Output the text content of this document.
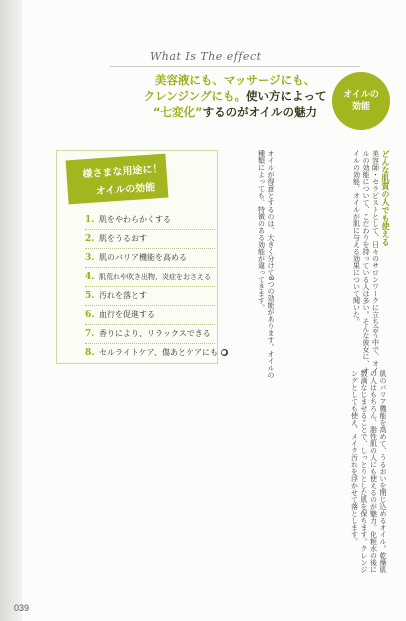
What Is The effect
美容液にも、マッサージにも、
クレンジングにも。使い方によって
“七変化”するのがオイルの魅力
オイルの
効能
どんな肌質の人でも使える
美容師・セラピストとして、日々のサロンワークに立ち会う中で、オイルの効能について、こだわりを持っている人は多い。そんな彼女に、オイルの効能、オイルが肌に与える効果について聞いた。
オイルが得意とするのは、大きく分けて8つの効能があります。オイルの種類によっても、特徴のある効能が違ってきます。
様さまな用途に！
オイルの効能
1. 肌をやわらかくする
2. 肌をうるおす
3. 肌のバリア機能を高める
4. 肌荒れや吹き出物、炎症をおさえる
5. 汚れを落とす
6. 血行を促進する
7. 香りにより、リラックスできる
8. セルライトケア、傷あとケアにも ●
肌のバリア機能を高めて、うるおいを閉じ込めるオイル。乾燥肌の人はもちろん、脂性肌の人にも使えるのが魅力。化粧水の後に数滴なじませることで、しっとりとした肌を保ちます。クレンジングとしても使え、メイク汚れを浮かせて落とします。
039
